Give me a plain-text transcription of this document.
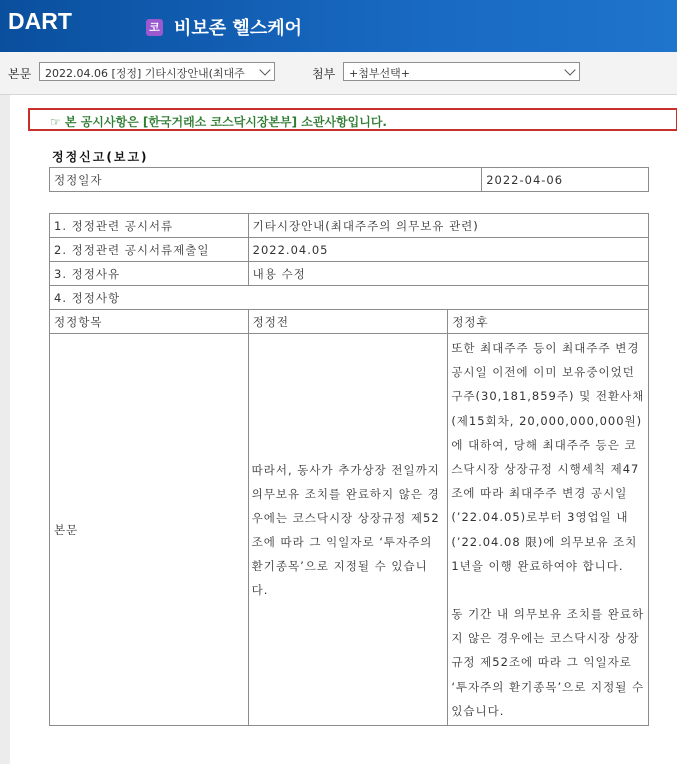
DART	코 비보존 헬스케어
본문	2022.04.06 [정정] 기타시장안내(최대주	첨부	+첨부선택+
☞ 본 공시사항은 [한국거래소 코스닥시장본부] 소관사항입니다.
정정신고(보고)
정정일자	2022-04-06
1. 정정관련 공시서류	기타시장안내(최대주주의 의무보유 관련)	
2. 정정관련 공시서류제출일	2022.04.05	
3. 정정사유	내용 수정	
4. 정정사항		
정정항목	정정전	정정후
본문	따라서, 동사가 추가상장 전일까지 의무보유 조치를 완료하지 않은 경우에는 코스닥시장 상장규정 제52조에 따라 그 익일자로 ‘투자주의 환기종목’으로 지정될 수 있습니다.	또한 최대주주 등이 최대주주 변경 공시일 이전에 이미 보유중이었던 구주(30,181,859주) 및 전환사채(제15회차, 20,000,000,000원)에 대하여, 당해 최대주주 등은 코스닥시장 상장규정 시행세칙 제47조에 따라 최대주주 변경 공시일(’22.04.05)로부터 3영업일 내(’22.04.08 限)에 의무보유 조치 1년을 이행 완료하여야 합니다.
동 기간 내 의무보유 조치를 완료하지 않은 경우에는 코스닥시장 상장규정 제52조에 따라 그 익일자로 ‘투자주의 환기종목’으로 지정될 수 있습니다.
